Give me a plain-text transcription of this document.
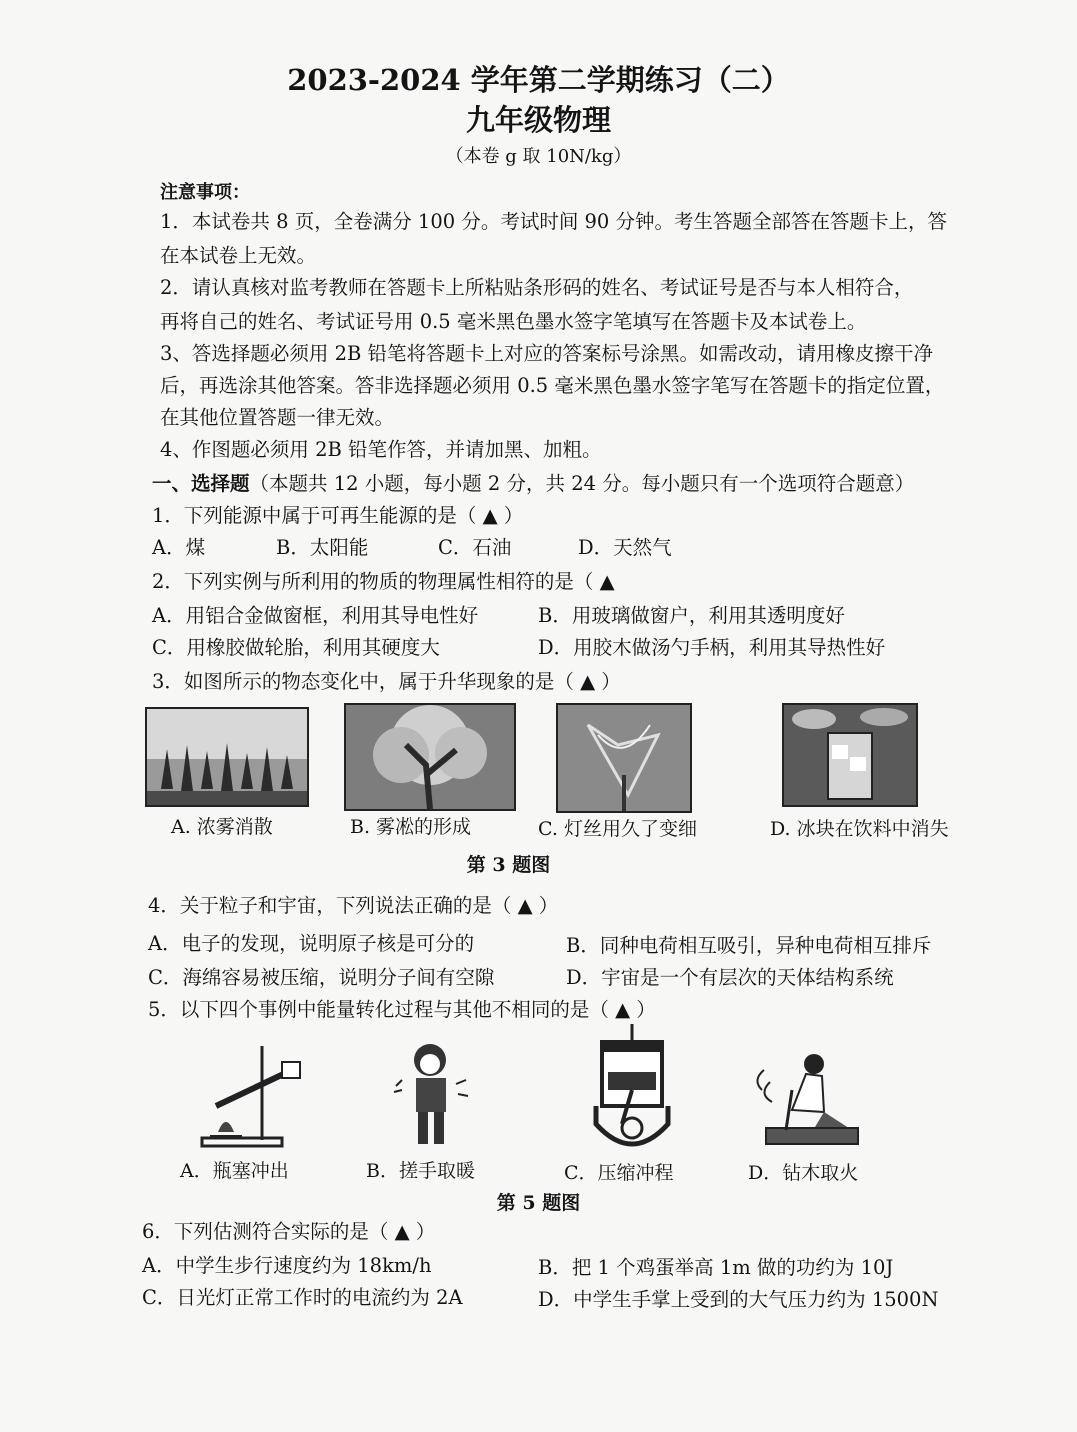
2023-2024 学年第二学期练习（二）
九年级物理
（本卷 g 取 10N/kg）
注意事项：
1．本试卷共 8 页，全卷满分 100 分。考试时间 90 分钟。考生答题全部答在答题卡上，答
在本试卷上无效。
2．请认真核对监考教师在答题卡上所粘贴条形码的姓名、考试证号是否与本人相符合，
再将自己的姓名、考试证号用 0.5 毫米黑色墨水签字笔填写在答题卡及本试卷上。
3、答选择题必须用 2B 铅笔将答题卡上对应的答案标号涂黑。如需改动，请用橡皮擦干净
后，再选涂其他答案。答非选择题必须用 0.5 毫米黑色墨水签字笔写在答题卡的指定位置，
在其他位置答题一律无效。
4、作图题必须用 2B 铅笔作答，并请加黑、加粗。
一、选择题（本题共 12 小题，每小题 2 分，共 24 分。每小题只有一个选项符合题意）
1．下列能源中属于可再生能源的是（ ▲ ）
A．煤	B．太阳能	C．石油	D．天然气
2．下列实例与所利用的物质的物理属性相符的是（ ▲
A．用铝合金做窗框，利用其导电性好	B．用玻璃做窗户，利用其透明度好
C．用橡胶做轮胎，利用其硬度大	D．用胶木做汤勺手柄，利用其导热性好
3．如图所示的物态变化中，属于升华现象的是（ ▲ ）
A. 浓雾消散	B. 雾凇的形成	C. 灯丝用久了变细	D. 冰块在饮料中消失
第 3 题图
4．关于粒子和宇宙，下列说法正确的是（ ▲ ）
A．电子的发现，说明原子核是可分的	B．同种电荷相互吸引，异种电荷相互排斥
C．海绵容易被压缩，说明分子间有空隙	D．宇宙是一个有层次的天体结构系统
5．以下四个事例中能量转化过程与其他不相同的是（ ▲ ）
A．瓶塞冲出	B．搓手取暖	C．压缩冲程	D．钻木取火
第 5 题图
6．下列估测符合实际的是（ ▲ ）
A．中学生步行速度约为 18km/h	B．把 1 个鸡蛋举高 1m 做的功约为 10J
C．日光灯正常工作时的电流约为 2A	D．中学生手掌上受到的大气压力约为 1500N
